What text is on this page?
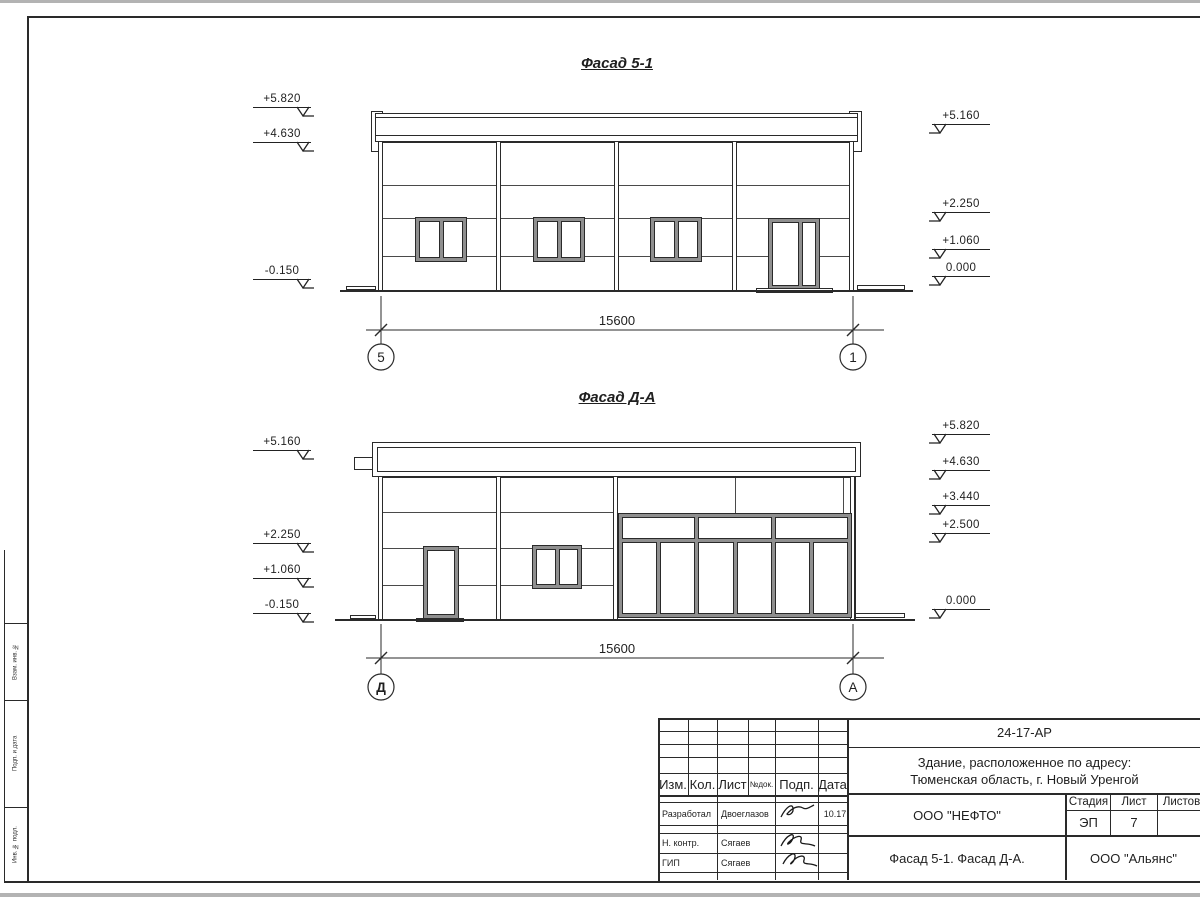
Взам. инв. №
Подп. и дата
Инв. № подл.
Фасад 5-1
15600
5	1
+5.820
+4.630
-0.150
+5.160
+2.250
+1.060
0.000
Фасад Д-А
15600
Д	А
+5.160
+2.250
+1.060
-0.150
+5.820
+4.630
+3.440
+2.500
0.000
Изм. Кол. Лист №док. Подп. Дата
Разработал	Двоеглазов	10.17
Н. контр.	Сягаев
ГИП	Сягаев
24-17-АР
Здание, расположенное по адресу:
Тюменская область, г. Новый Уренгой
ООО "НЕФТО"
Стадия	Лист	Листов
ЭП	7
Фасад 5-1. Фасад Д-А.	ООО "Альянс"
